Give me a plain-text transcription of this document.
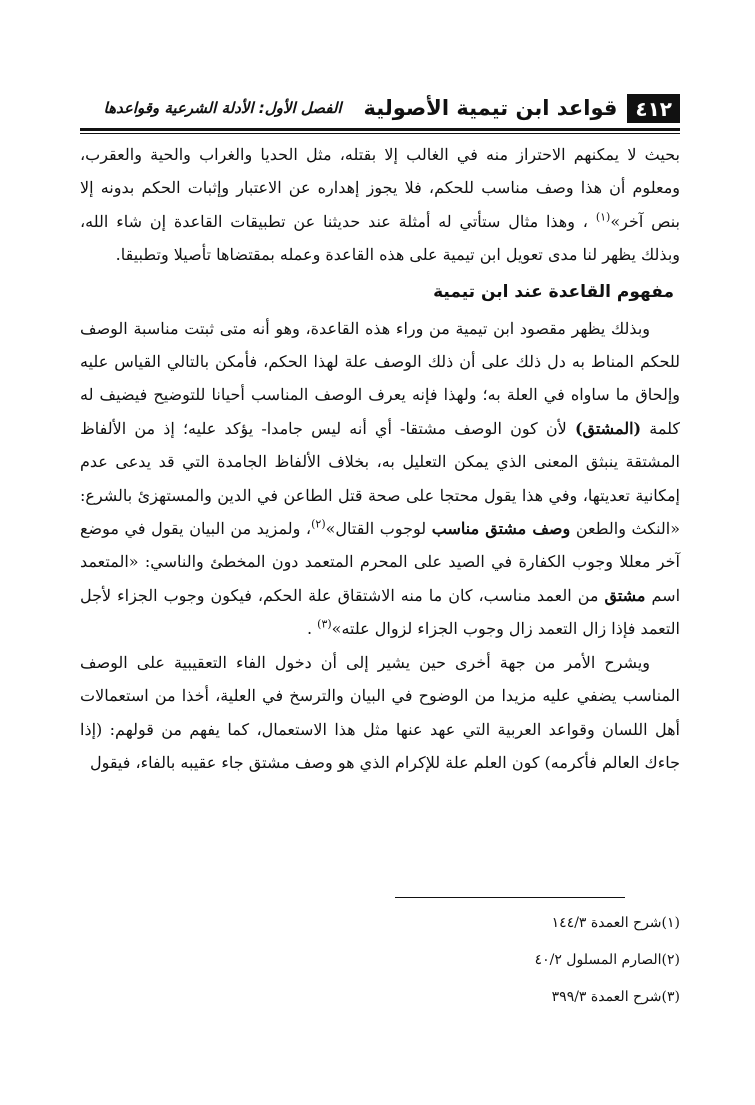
٤١٢
قواعد ابن تيمية الأصولية
الفصل الأول: الأدلة الشرعية وقواعدها

بحيث لا يمكنهم الاحتراز منه في الغالب إلا بقتله، مثل الحديا والغراب والحية والعقرب، ومعلوم أن هذا وصف مناسب للحكم، فلا يجوز إهداره عن الاعتبار وإثبات الحكم بدونه إلا بنص آخر»$^{(١)}$ ، وهذا مثال ستأتي له أمثلة عند حديثنا عن تطبيقات القاعدة إن شاء الله، وبذلك يظهر لنا مدى تعويل ابن تيمية على هذه القاعدة وعمله بمقتضاها تأصيلا وتطبيقا.

مفهوم القاعدة عند ابن تيمية

وبذلك يظهر مقصود ابن تيمية من وراء هذه القاعدة، وهو أنه متى ثبتت مناسبة الوصف للحكم المناط به دل ذلك على أن ذلك الوصف علة لهذا الحكم، فأمكن بالتالي القياس عليه وإلحاق ما ساواه في العلة به؛ ولهذا فإنه يعرف الوصف المناسب أحيانا للتوضيح فيضيف له كلمة (المشتق) لأن كون الوصف مشتقا- أي أنه ليس جامدا- يؤكد عليه؛ إذ من الألفاظ المشتقة ينبثق المعنى الذي يمكن التعليل به، بخلاف الألفاظ الجامدة التي قد يدعى عدم إمكانية تعديتها، وفي هذا يقول محتجا على صحة قتل الطاعن في الدين والمستهزئ بالشرع: «النكث والطعن وصف مشتق مناسب لوجوب القتال»$^{(٢)}$، ولمزيد من البيان يقول في موضع آخر معللا وجوب الكفارة في الصيد على المحرم المتعمد دون المخطئ والناسي: «المتعمد اسم مشتق من العمد مناسب، كان ما منه الاشتقاق علة الحكم، فيكون وجوب الجزاء لأجل التعمد فإذا زال التعمد زال وجوب الجزاء لزوال علته»$^{(٣)}$ .

ويشرح الأمر من جهة أخرى حين يشير إلى أن دخول الفاء التعقيبية على الوصف المناسب يضفي عليه مزيدا من الوضوح في البيان والترسخ في العلية، أخذا من استعمالات أهل اللسان وقواعد العربية التي عهد عنها مثل هذا الاستعمال، كما يفهم من قولهم: (إذا جاءك العالم فأكرمه) كون العلم علة للإكرام الذي هو وصف مشتق جاء عقيبه بالفاء، فيقول

(١)شرح العمدة ١٤٤/٣

(٢)الصارم المسلول ٤٠/٢

(٣)شرح العمدة ٣٩٩/٣
